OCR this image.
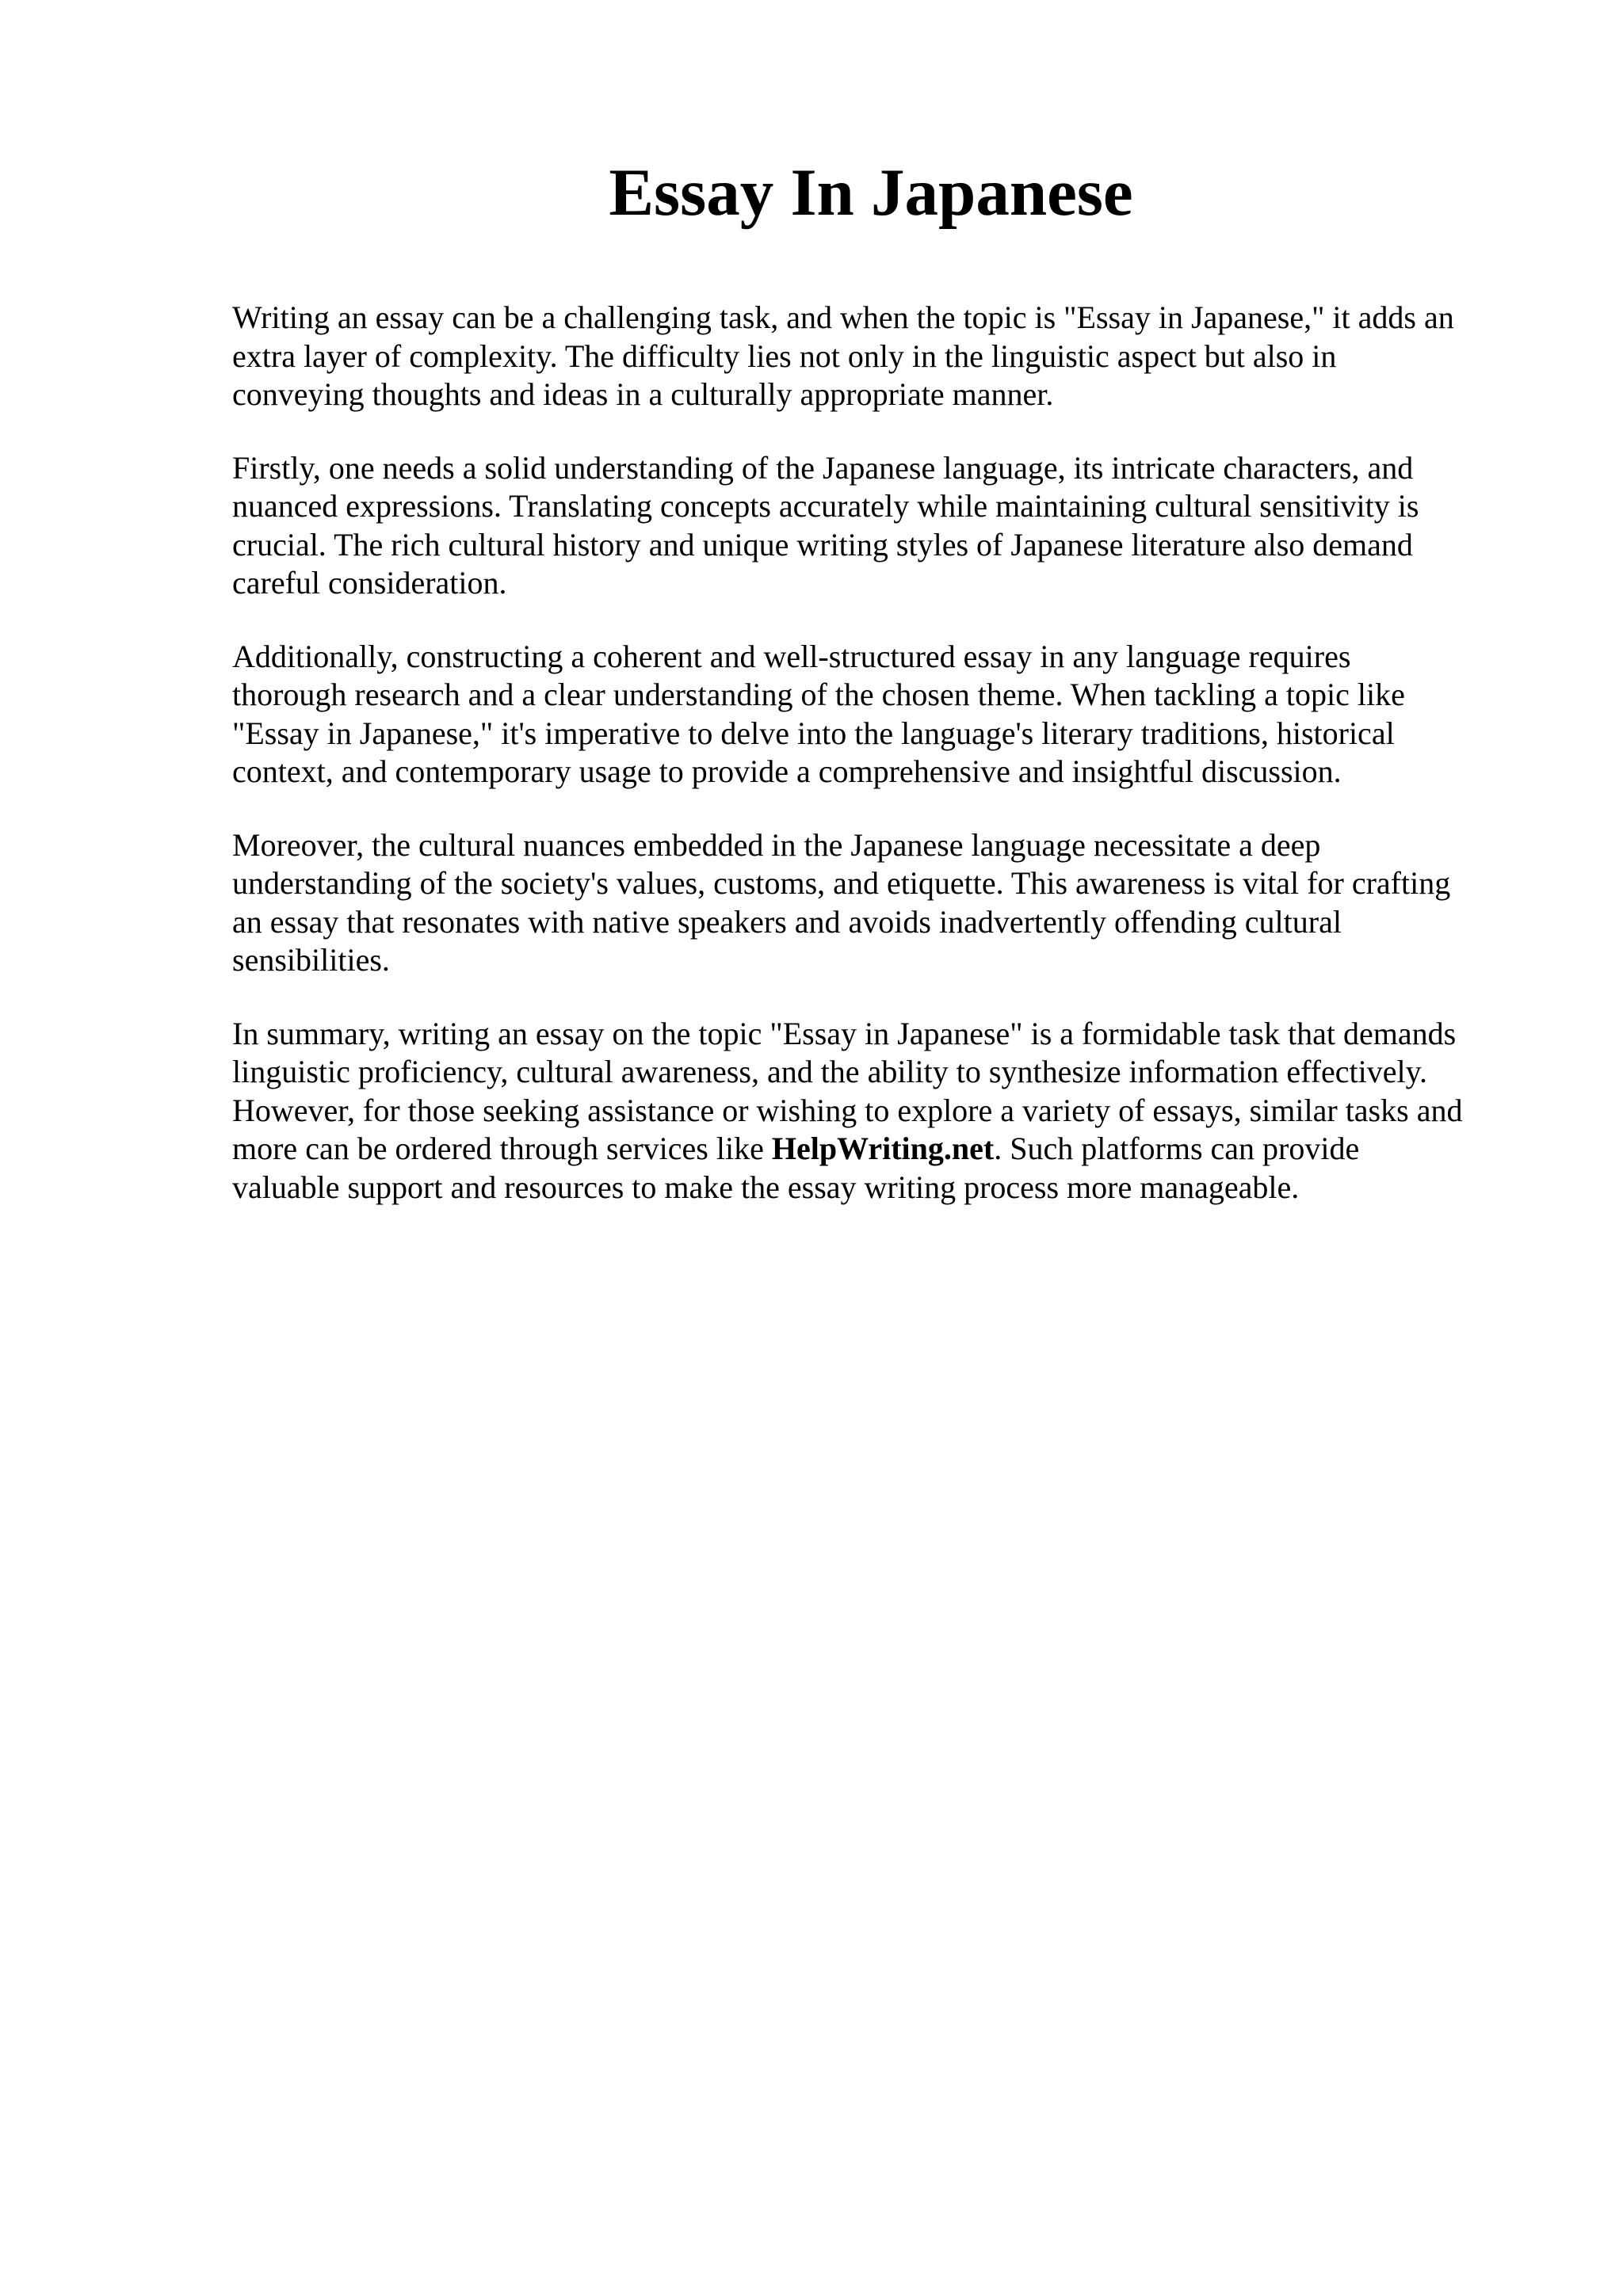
Essay In Japanese

Writing an essay can be a challenging task, and when the topic is "Essay in Japanese," it adds an
extra layer of complexity. The difficulty lies not only in the linguistic aspect but also in
conveying thoughts and ideas in a culturally appropriate manner.

Firstly, one needs a solid understanding of the Japanese language, its intricate characters, and
nuanced expressions. Translating concepts accurately while maintaining cultural sensitivity is
crucial. The rich cultural history and unique writing styles of Japanese literature also demand
careful consideration.

Additionally, constructing a coherent and well-structured essay in any language requires
thorough research and a clear understanding of the chosen theme. When tackling a topic like
"Essay in Japanese," it's imperative to delve into the language's literary traditions, historical
context, and contemporary usage to provide a comprehensive and insightful discussion.

Moreover, the cultural nuances embedded in the Japanese language necessitate a deep
understanding of the society's values, customs, and etiquette. This awareness is vital for crafting
an essay that resonates with native speakers and avoids inadvertently offending cultural
sensibilities.

In summary, writing an essay on the topic "Essay in Japanese" is a formidable task that demands
linguistic proficiency, cultural awareness, and the ability to synthesize information effectively.
However, for those seeking assistance or wishing to explore a variety of essays, similar tasks and
more can be ordered through services like HelpWriting.net. Such platforms can provide
valuable support and resources to make the essay writing process more manageable.
